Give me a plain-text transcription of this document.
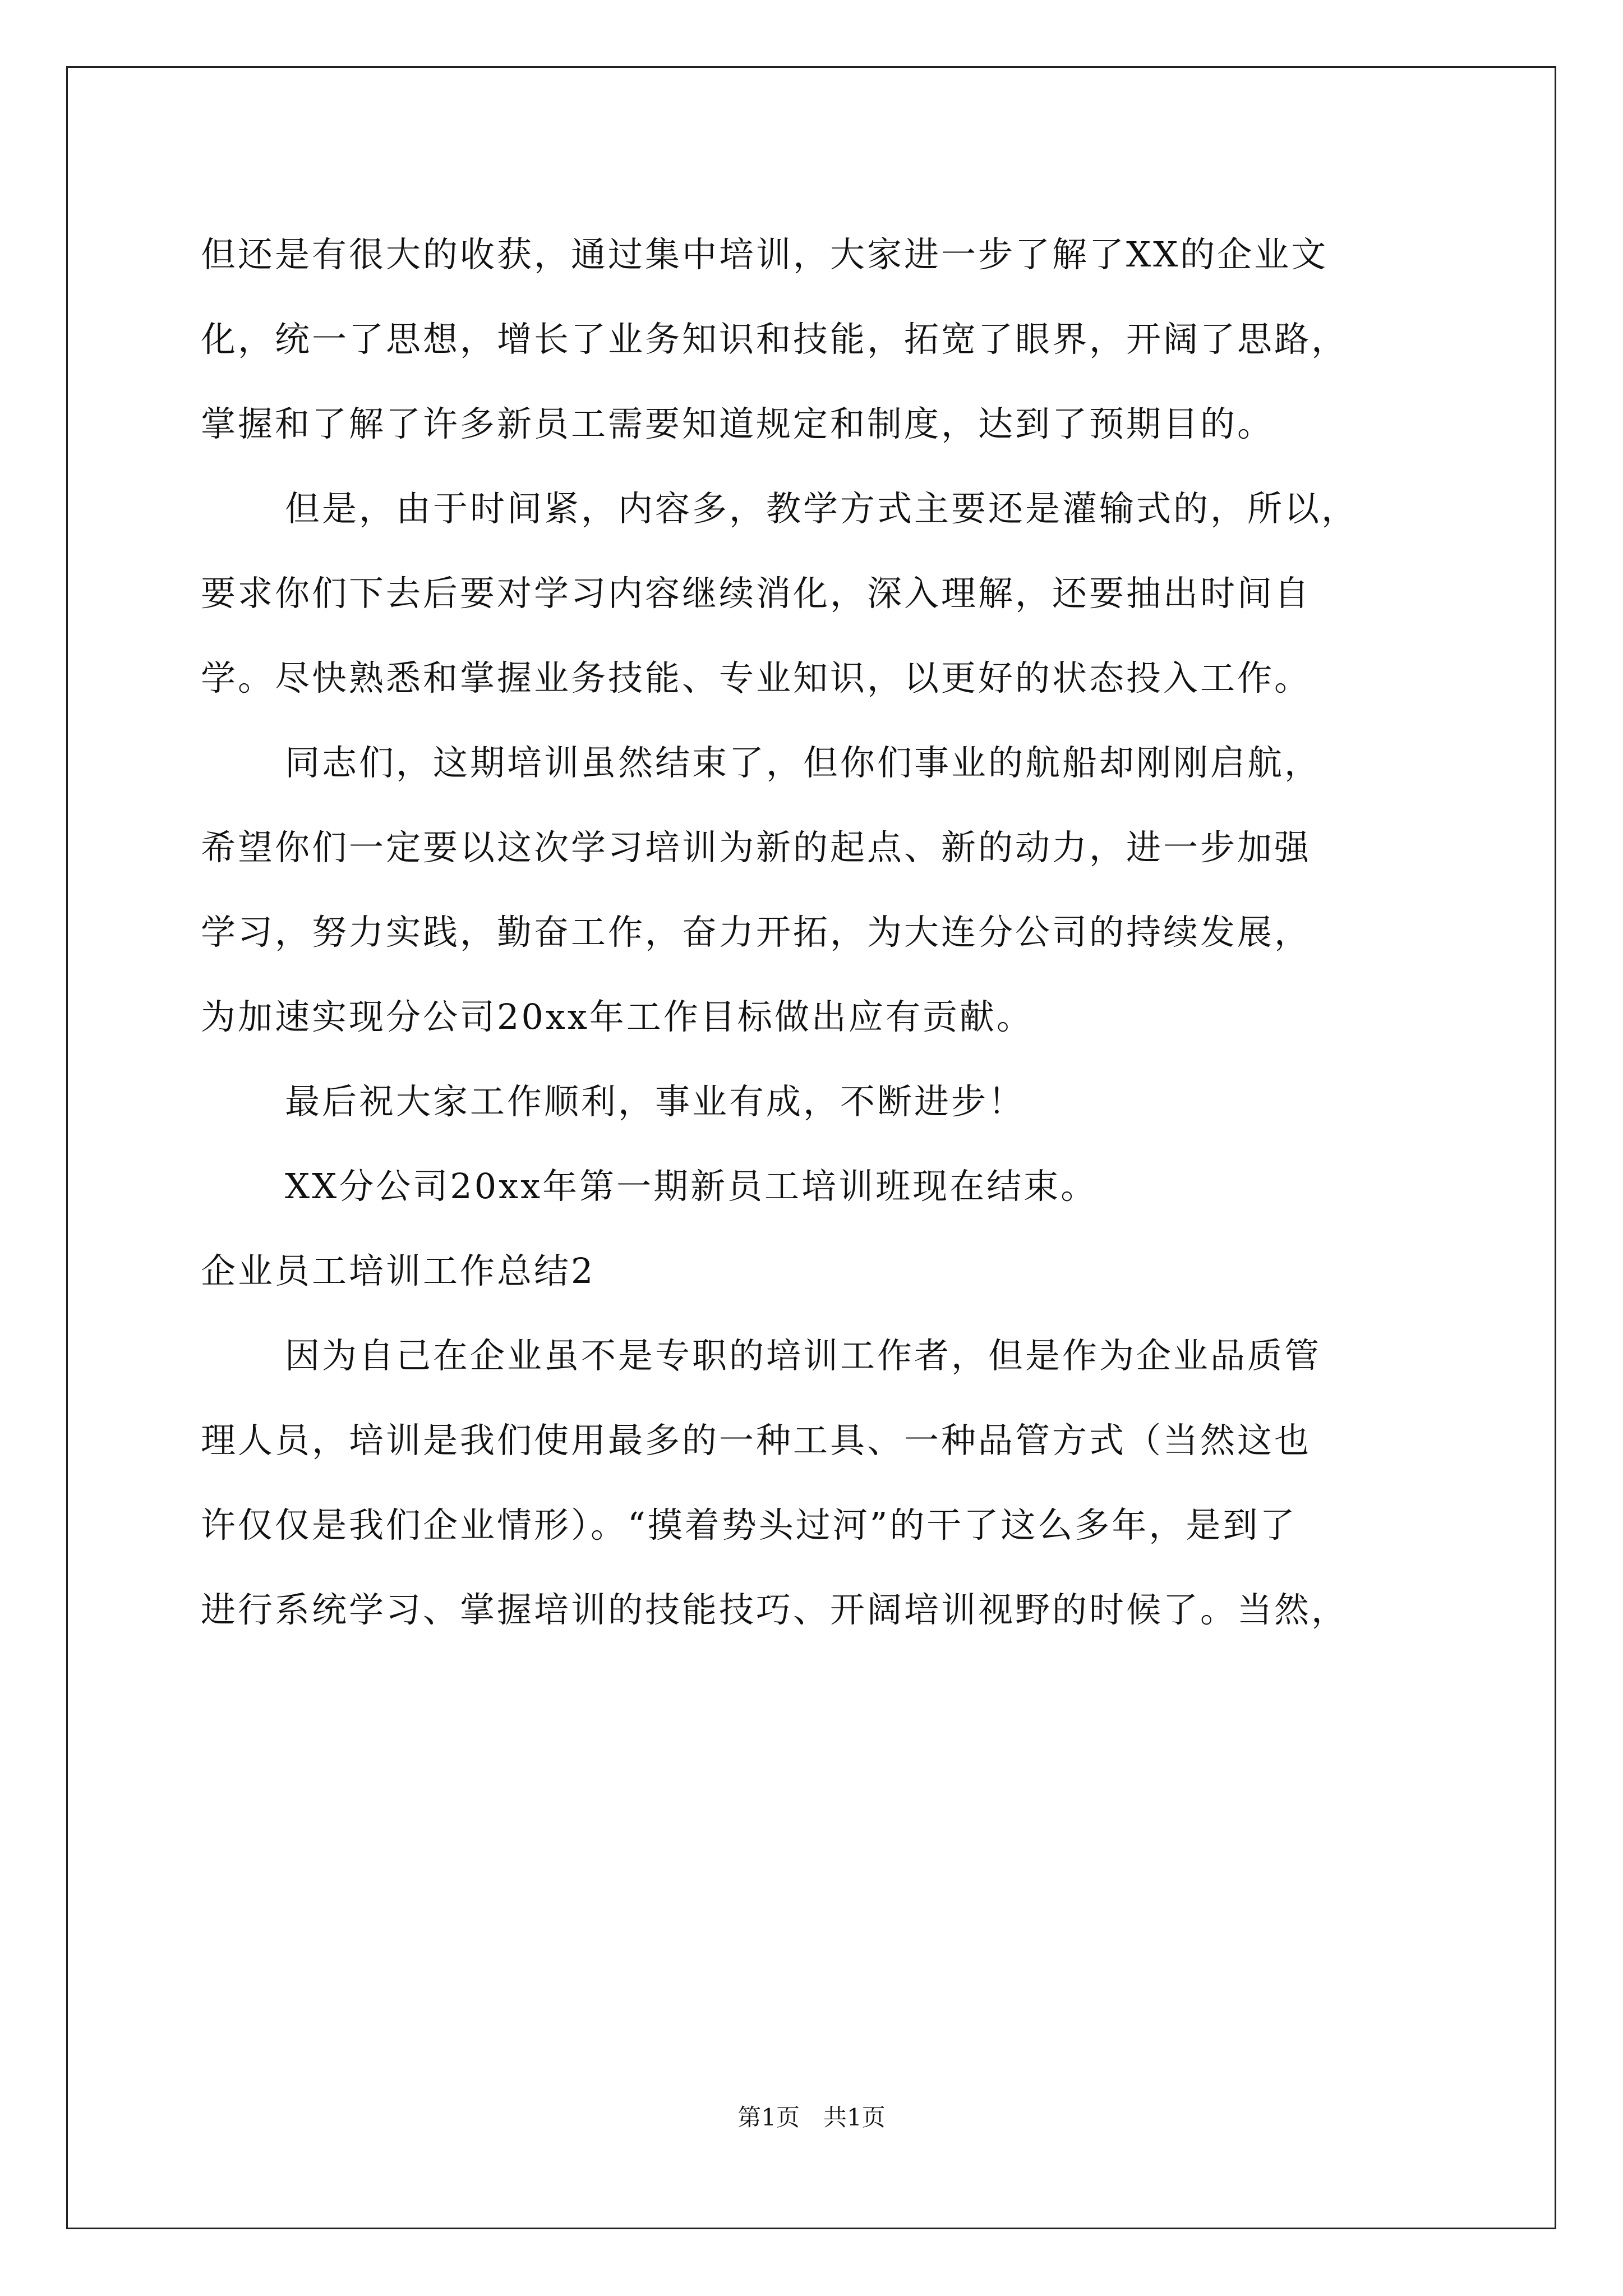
但还是有很大的收获，通过集中培训，大家进一步了解了XX的企业文
化，统一了思想，增长了业务知识和技能，拓宽了眼界，开阔了思路，
掌握和了解了许多新员工需要知道规定和制度，达到了预期目的。
但是，由于时间紧，内容多，教学方式主要还是灌输式的，所以，
要求你们下去后要对学习内容继续消化，深入理解，还要抽出时间自
学。尽快熟悉和掌握业务技能、专业知识，以更好的状态投入工作。
同志们，这期培训虽然结束了，但你们事业的航船却刚刚启航，
希望你们一定要以这次学习培训为新的起点、新的动力，进一步加强
学习，努力实践，勤奋工作，奋力开拓，为大连分公司的持续发展，
为加速实现分公司20xx年工作目标做出应有贡献。
最后祝大家工作顺利，事业有成，不断进步！
XX分公司20xx年第一期新员工培训班现在结束。
企业员工培训工作总结2
因为自己在企业虽不是专职的培训工作者，但是作为企业品质管
理人员，培训是我们使用最多的一种工具、一种品管方式（当然这也
许仅仅是我们企业情形）。“摸着势头过河”的干了这么多年，是到了
进行系统学习、掌握培训的技能技巧、开阔培训视野的时候了。当然，
第1页　共1页
